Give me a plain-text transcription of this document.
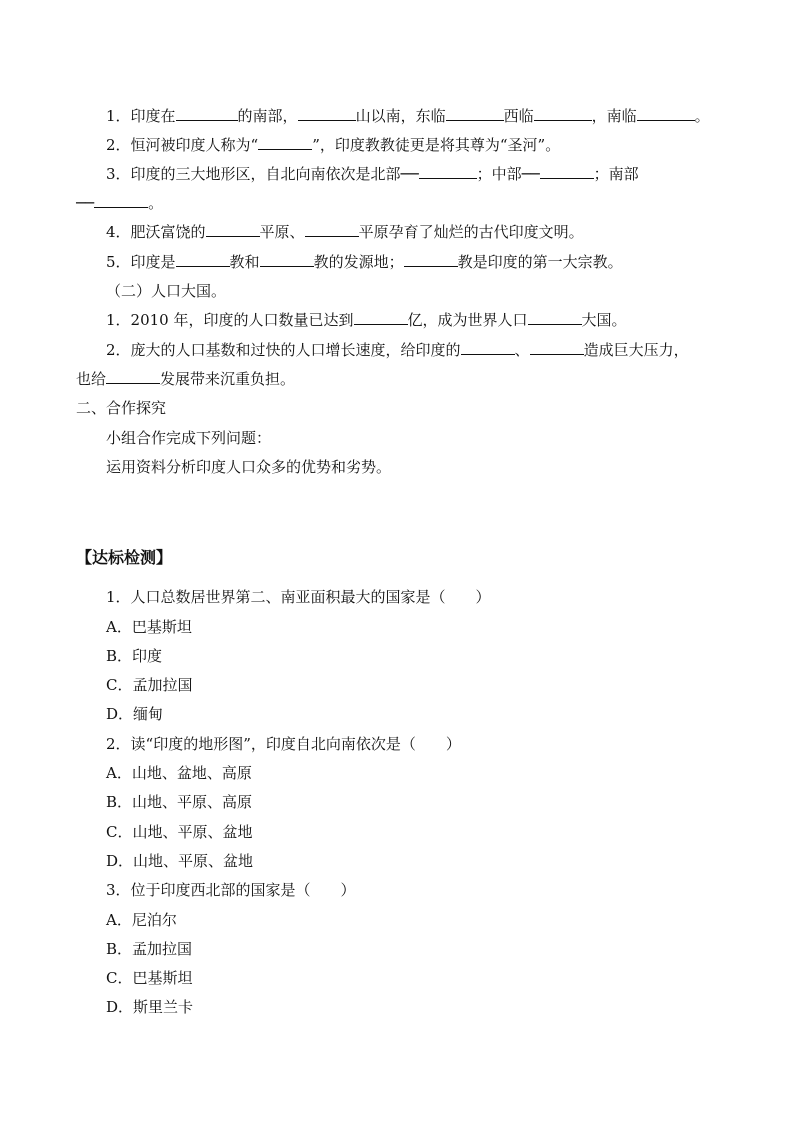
1．印度在	的南部，	山以南，东临	西临	，南临	。
2．恒河被印度人称为“	”，印度教教徒更是将其尊为“圣河”。
3．印度的三大地形区，自北向南依次是北部──	；中部──	；南部
──	。
4．肥沃富饶的	平原、	平原孕育了灿烂的古代印度文明。
5．印度是	教和	教的发源地；	教是印度的第一大宗教。
（二）人口大国。
1．2010 年，印度的人口数量已达到	亿，成为世界人口	大国。
2．庞大的人口基数和过快的人口增长速度，给印度的	、	造成巨大压力，
也给	发展带来沉重负担。
二、合作探究
小组合作完成下列问题：
运用资料分析印度人口众多的优势和劣势。
【达标检测】
1．人口总数居世界第二、南亚面积最大的国家是（　　）
A．巴基斯坦
B．印度
C．孟加拉国
D．缅甸
2．读“印度的地形图”，印度自北向南依次是（　　）
A．山地、盆地、高原
B．山地、平原、高原
C．山地、平原、盆地
D．山地、平原、盆地
3．位于印度西北部的国家是（　　）
A．尼泊尔
B．孟加拉国
C．巴基斯坦
D．斯里兰卡
